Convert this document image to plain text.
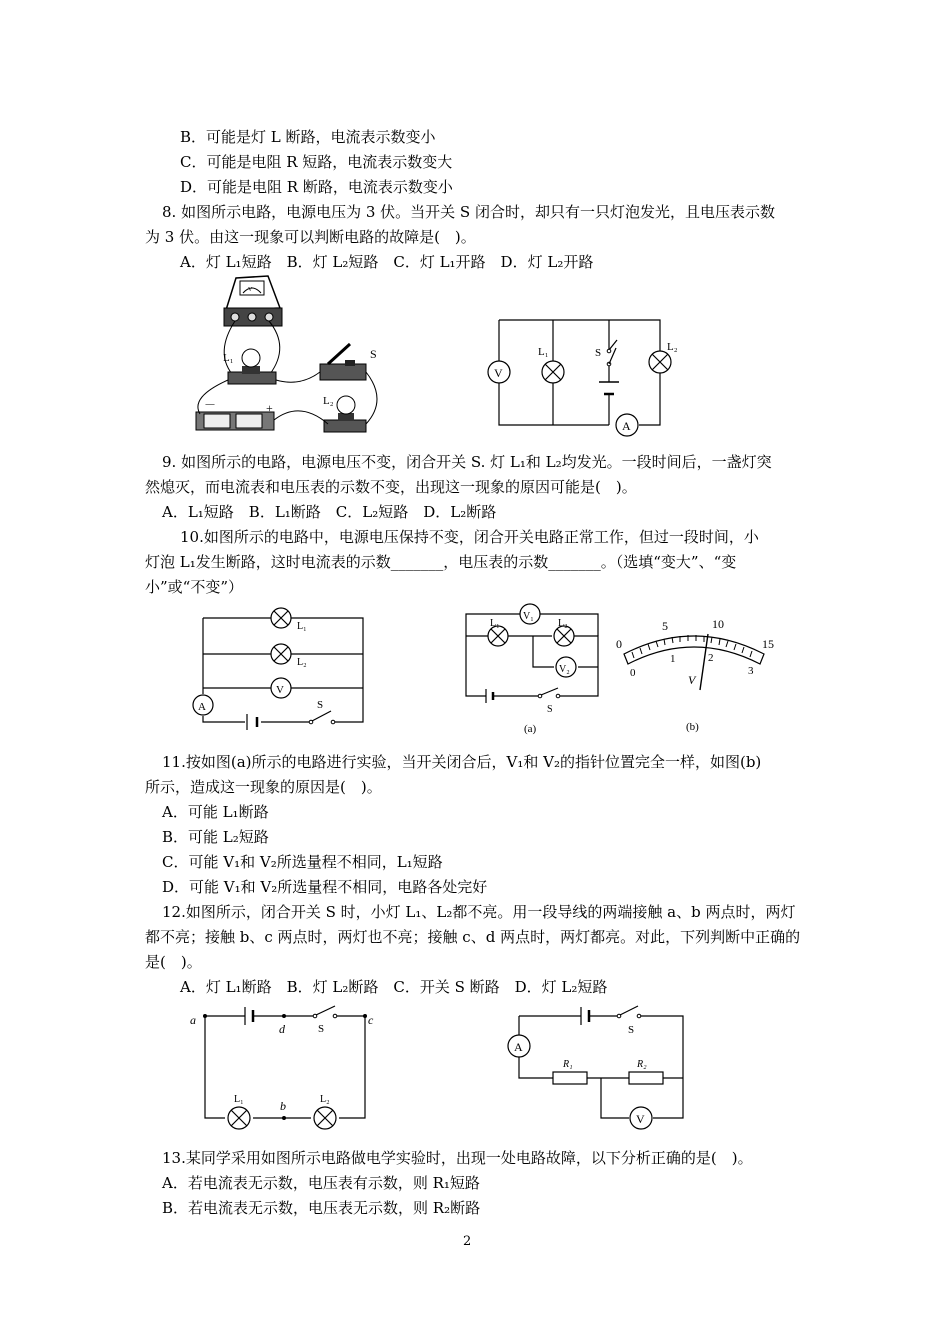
B．可能是灯 L 断路，电流表示数变小
C．可能是电阻 R 短路，电流表示数变大
D．可能是电阻 R 断路，电流表示数变小
8. 如图所示电路，电源电压为 3 伏。当开关 S 闭合时，却只有一只灯泡发光，且电压表示数
为 3 伏。由这一现象可以判断电路的故障是(　)。
A．灯 L₁短路　B．灯 L₂短路　C．灯 L₁开路　D．灯 L₂开路
V
L₁	S
－	+	L₂
V
L₁	S	L₂
A
9. 如图所示的电路，电源电压不变，闭合开关 S. 灯 L₁和 L₂均发光。一段时间后，一盏灯突
然熄灭，而电流表和电压表的示数不变，出现这一现象的原因可能是(　)。
A．L₁短路　B．L₁断路　C．L₂短路　D．L₂断路
10.如图所示的电路中，电源电压保持不变，闭合开关电路正常工作，但过一段时间，小
灯泡 L₁发生断路，这时电流表的示数_______，电压表的示数_______。（选填“变大”、“变
小”或“不变”）
L₁
L₂
V
A	S
V₁
L₁	L₂
V₂
S
(a)
0
5	10
15
0
1	2
3
V
(b)
11.按如图(a)所示的电路进行实验，当开关闭合后，V₁和 V₂的指针位置完全一样，如图(b)
所示，造成这一现象的原因是(　)。
A．可能 L₁断路
B．可能 L₂短路
C．可能 V₁和 V₂所选量程不相同，L₁短路
D．可能 V₁和 V₂所选量程不相同，电路各处完好
12.如图所示，闭合开关 S 时，小灯 L₁、L₂都不亮。用一段导线的两端接触 a、b 两点时，两灯
都不亮；接触 b、c 两点时，两灯也不亮；接触 c、d 两点时，两灯都亮。对此，下列判断中正确的
是(　)。
A．灯 L₁断路　B．灯 L₂断路　C．开关 S 断路　D．灯 L₂短路
a
d	S
c
L₁	b	L₂
S
A
R₁	R₂
V
13.某同学采用如图所示电路做电学实验时，出现一处电路故障，以下分析正确的是(　)。
A．若电流表无示数，电压表有示数，则 R₁短路
B．若电流表无示数，电压表无示数，则 R₂断路
2
